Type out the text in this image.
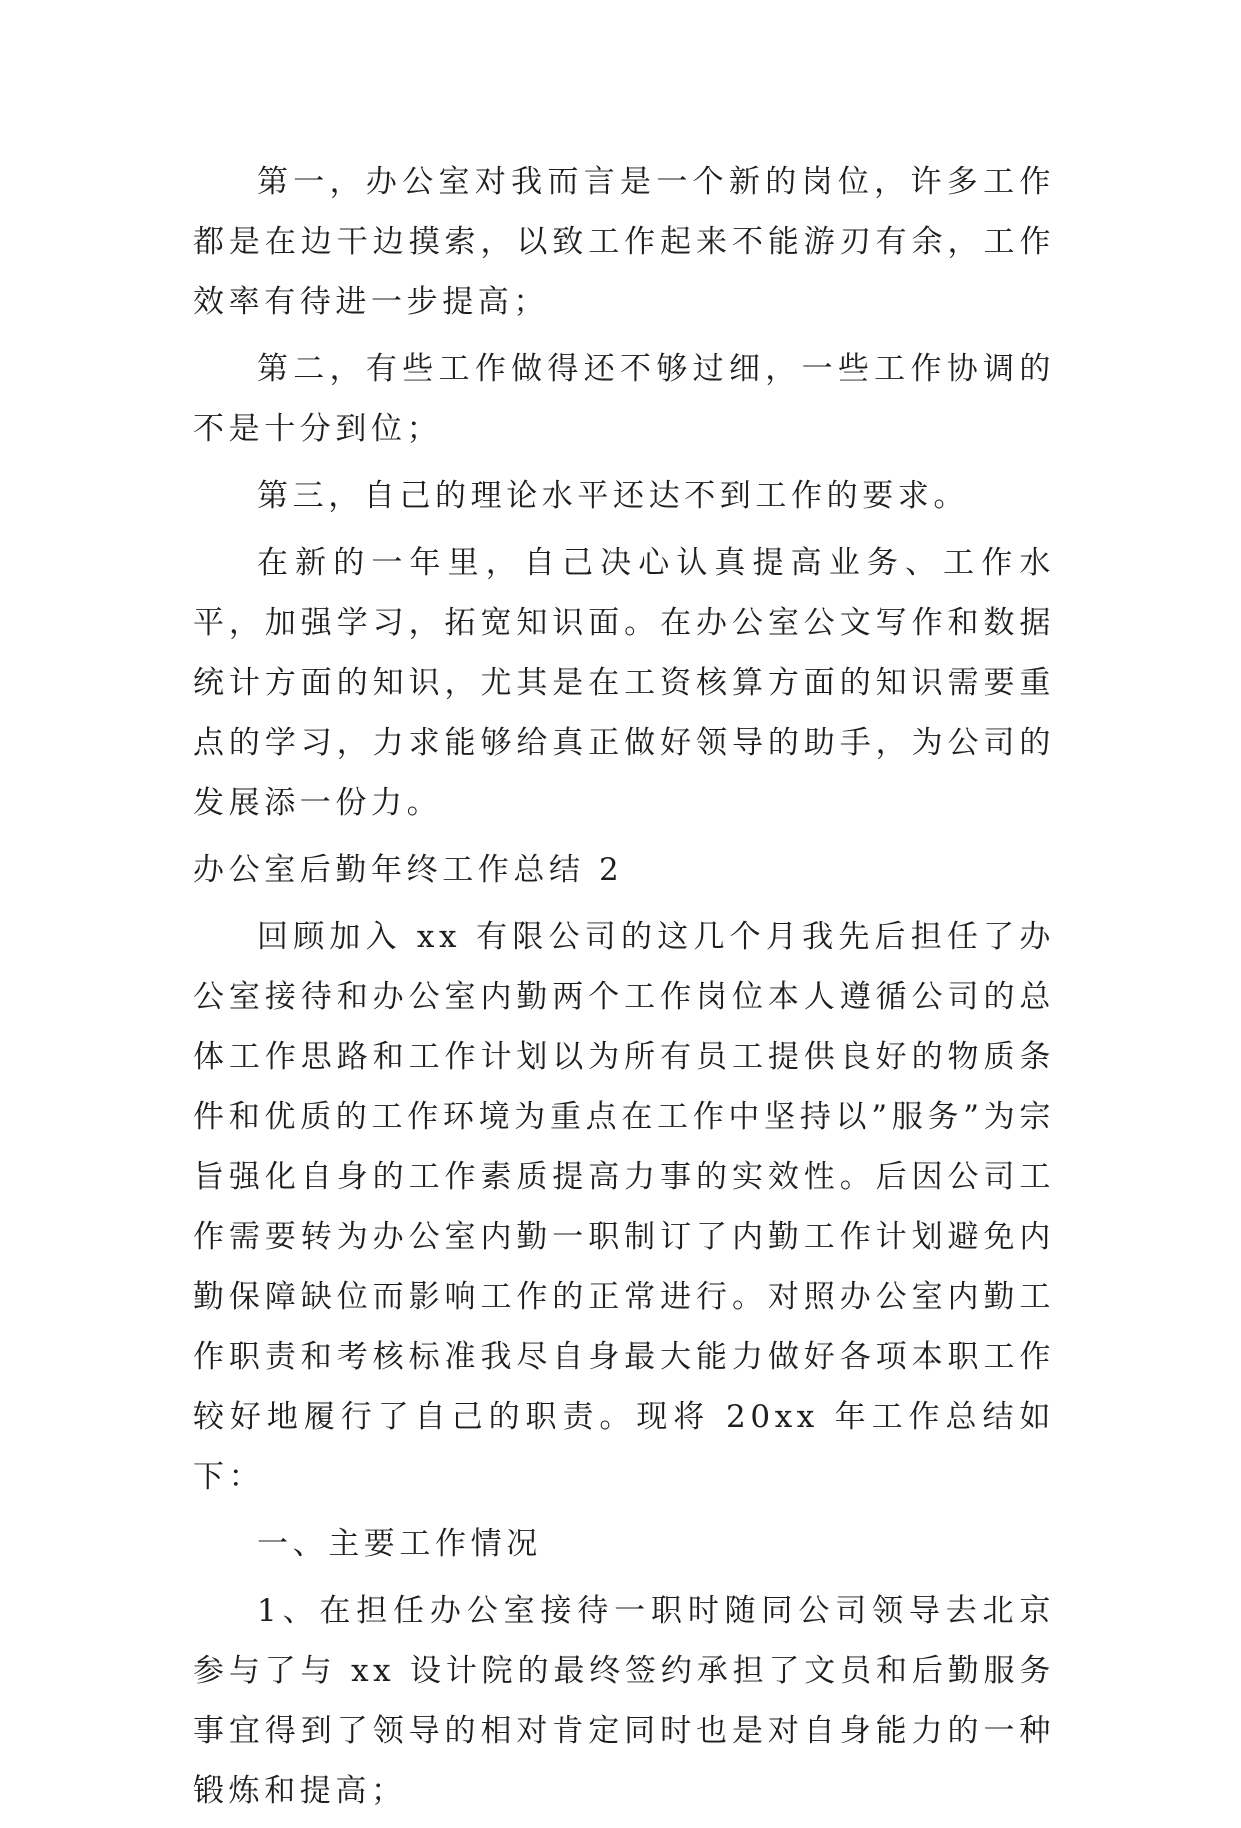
第一，办公室对我而言是一个新的岗位，许多工作都是在边干边摸索，以致工作起来不能游刃有余，工作效率有待进一步提高；

第二，有些工作做得还不够过细，一些工作协调的不是十分到位；

第三，自己的理论水平还达不到工作的要求。

在新的一年里，自己决心认真提高业务、工作水平，加强学习，拓宽知识面。在办公室公文写作和数据统计方面的知识，尤其是在工资核算方面的知识需要重点的学习，力求能够给真正做好领导的助手，为公司的发展添一份力。

办公室后勤年终工作总结 2

回顾加入 xx 有限公司的这几个月我先后担任了办公室接待和办公室内勤两个工作岗位本人遵循公司的总体工作思路和工作计划以为所有员工提供良好的物质条件和优质的工作环境为重点在工作中坚持以”服务”为宗旨强化自身的工作素质提高力事的实效性。后因公司工作需要转为办公室内勤一职制订了内勤工作计划避免内勤保障缺位而影响工作的正常进行。对照办公室内勤工作职责和考核标准我尽自身最大能力做好各项本职工作较好地履行了自己的职责。现将 20xx 年工作总结如下：

一、主要工作情况

1、在担任办公室接待一职时随同公司领导去北京参与了与 xx 设计院的最终签约承担了文员和后勤服务事宜得到了领导的相对肯定同时也是对自身能力的一种锻炼和提高；
